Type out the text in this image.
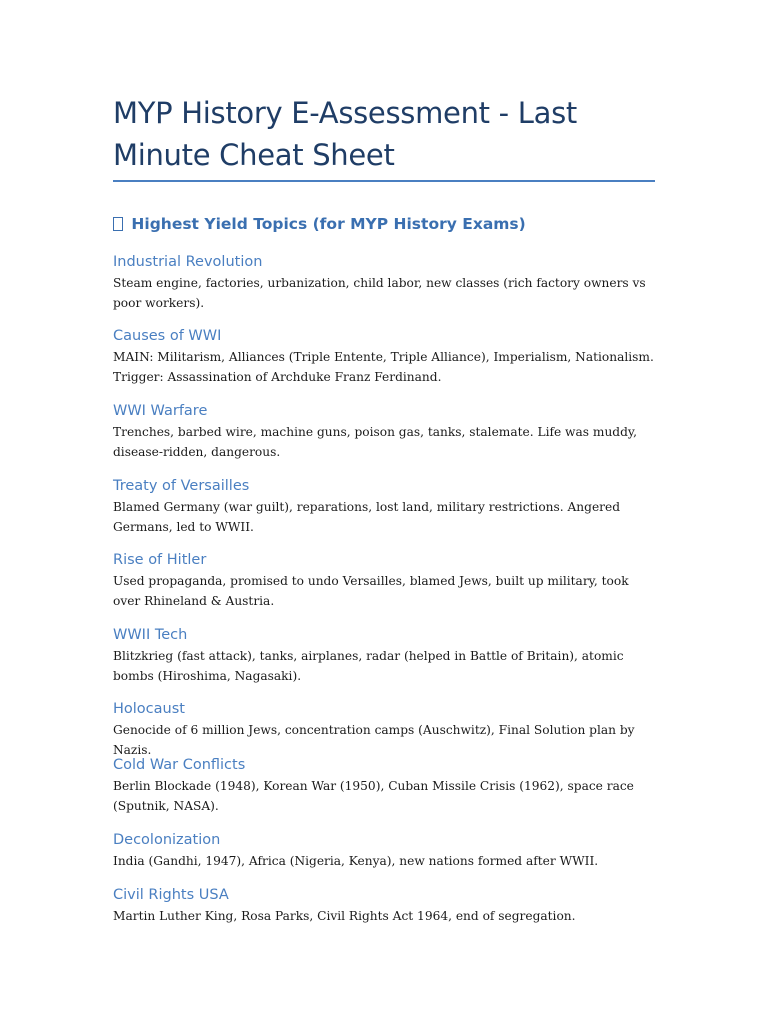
MYP History E-Assessment - Last Minute Cheat Sheet
Highest Yield Topics (for MYP History Exams)
Industrial Revolution

Steam engine, factories, urbanization, child labor, new classes (rich factory owners vs poor workers).

Causes of WWI

MAIN: Militarism, Alliances (Triple Entente, Triple Alliance), Imperialism, Nationalism. Trigger: Assassination of Archduke Franz Ferdinand.

WWI Warfare

Trenches, barbed wire, machine guns, poison gas, tanks, stalemate. Life was muddy, disease-ridden, dangerous.

Treaty of Versailles

Blamed Germany (war guilt), reparations, lost land, military restrictions. Angered Germans, led to WWII.

Rise of Hitler

Used propaganda, promised to undo Versailles, blamed Jews, built up military, took over Rhineland & Austria.

WWII Tech

Blitzkrieg (fast attack), tanks, airplanes, radar (helped in Battle of Britain), atomic bombs (Hiroshima, Nagasaki).

Holocaust

Genocide of 6 million Jews, concentration camps (Auschwitz), Final Solution plan by Nazis.

Cold War Conflicts

Berlin Blockade (1948), Korean War (1950), Cuban Missile Crisis (1962), space race (Sputnik, NASA).

Decolonization

India (Gandhi, 1947), Africa (Nigeria, Kenya), new nations formed after WWII.

Civil Rights USA

Martin Luther King, Rosa Parks, Civil Rights Act 1964, end of segregation.
